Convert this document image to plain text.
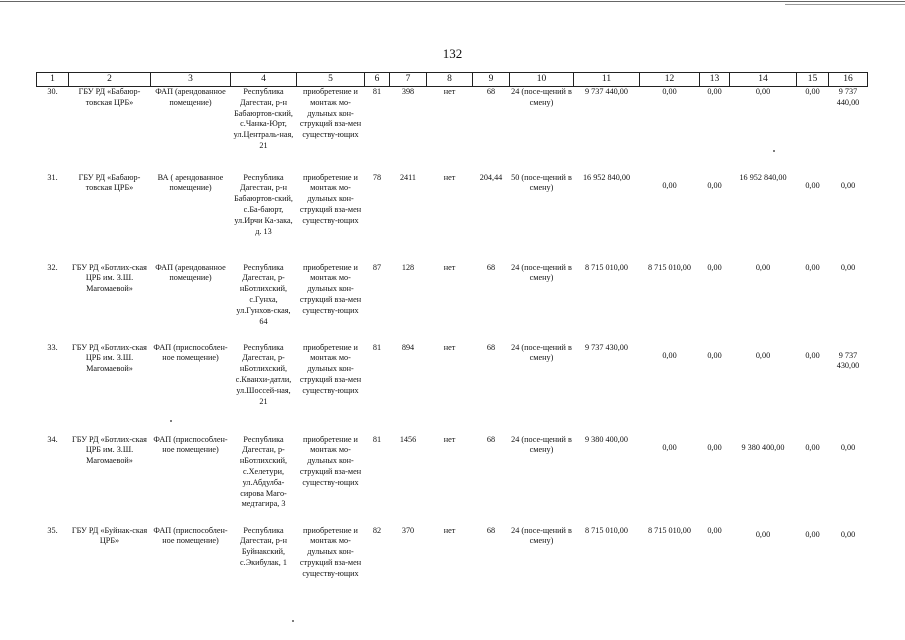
132
1	2	3	4	5	6	7	8	9	10	11	12	13	14	15	16
30.	ГБУ РД «Бабаюр-товская ЦРБ»	ФАП (арендованное помещение)	Республика Дагестан, р-н Бабаюртов-ский, с.Чанка-Юрт, ул.Централь-ная, 21	приобретение и монтаж мо-дульных кон-струкций вза-мен существу-ющих	81	398	нет	68	24 (посе-щений в смену)	9 737 440,00	0,00	0,00	0,00	0,00	9 737 440,00
31.	ГБУ РД «Бабаюр-товская ЦРБ»	ВА ( арендованное помещение)	Республика Дагестан, р-н Бабаюртов-ский, с.Ба-баюрт, ул.Ирчи Ка-зака, д. 13	приобретение и монтаж мо-дульных кон-струкций вза-мен существу-ющих	78	2411	нет	204,44	50 (посе-щений в смену)	16 952 840,00	0,00	0,00	16 952 840,00	0,00	0,00
32.	ГБУ РД «Ботлих-ская ЦРБ им. З.Ш. Магомаевой»	ФАП (арендованное помещение)	Республика Дагестан, р-нБотлихский, с.Гунха, ул.Гунхов-ская, 64	приобретение и монтаж мо-дульных кон-струкций вза-мен существу-ющих	87	128	нет	68	24 (посе-щений в смену)	8 715 010,00	8 715 010,00	0,00	0,00	0,00	0,00
33.	ГБУ РД «Ботлих-ская ЦРБ им. З.Ш. Магомаевой»	ФАП (приспособлен-ное помещение)	Республика Дагестан, р-нБотлихский, с.Кванхи-датли, ул.Шоссей-ная, 21	приобретение и монтаж мо-дульных кон-струкций вза-мен существу-ющих	81	894	нет	68	24 (посе-щений в смену)	9 737 430,00	0,00	0,00	0,00	0,00	9 737 430,00
34.	ГБУ РД «Ботлих-ская ЦРБ им. З.Ш. Магомаевой»	ФАП (приспособлен-ное помещение)	Республика Дагестан, р-нБотлихский, с.Хелетури, ул.Абдулба-сирова Маго-медтагира, 3	приобретение и монтаж мо-дульных кон-струкций вза-мен существу-ющих	81	1456	нет	68	24 (посе-щений в смену)	9 380 400,00	0,00	0,00	9 380 400,00	0,00	0,00
35.	ГБУ РД «Буйнак-ская ЦРБ»	ФАП (приспособлен-ное помещение)	Республика Дагестан, р-н Буйнакский, с.Экибулак, 1	приобретение и монтаж мо-дульных кон-струкций вза-мен существу-ющих	82	370	нет	68	24 (посе-щений в смену)	8 715 010,00	8 715 010,00	0,00	0,00	0,00	0,00
